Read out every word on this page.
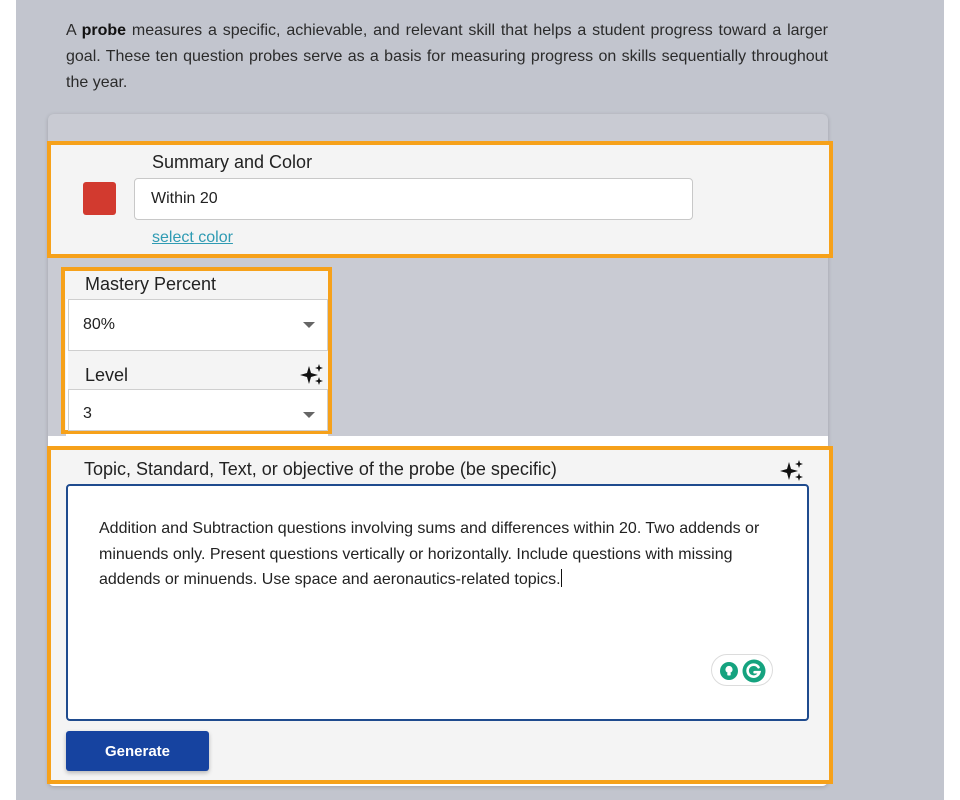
A probe measures a specific, achievable, and relevant skill that helps a student progress toward a larger goal. These ten question probes serve as a basis for measuring progress on skills sequentially throughout the year.

Summary and Color
Within 20
select color
Mastery Percent
80%
Level
3
Topic, Standard, Text, or objective of the probe (be specific)
Addition and Subtraction questions involving sums and differences within 20. Two addends or minuends only. Present questions vertically or horizontally. Include questions with missing addends or minuends. Use space and aeronautics-related topics.
Generate
